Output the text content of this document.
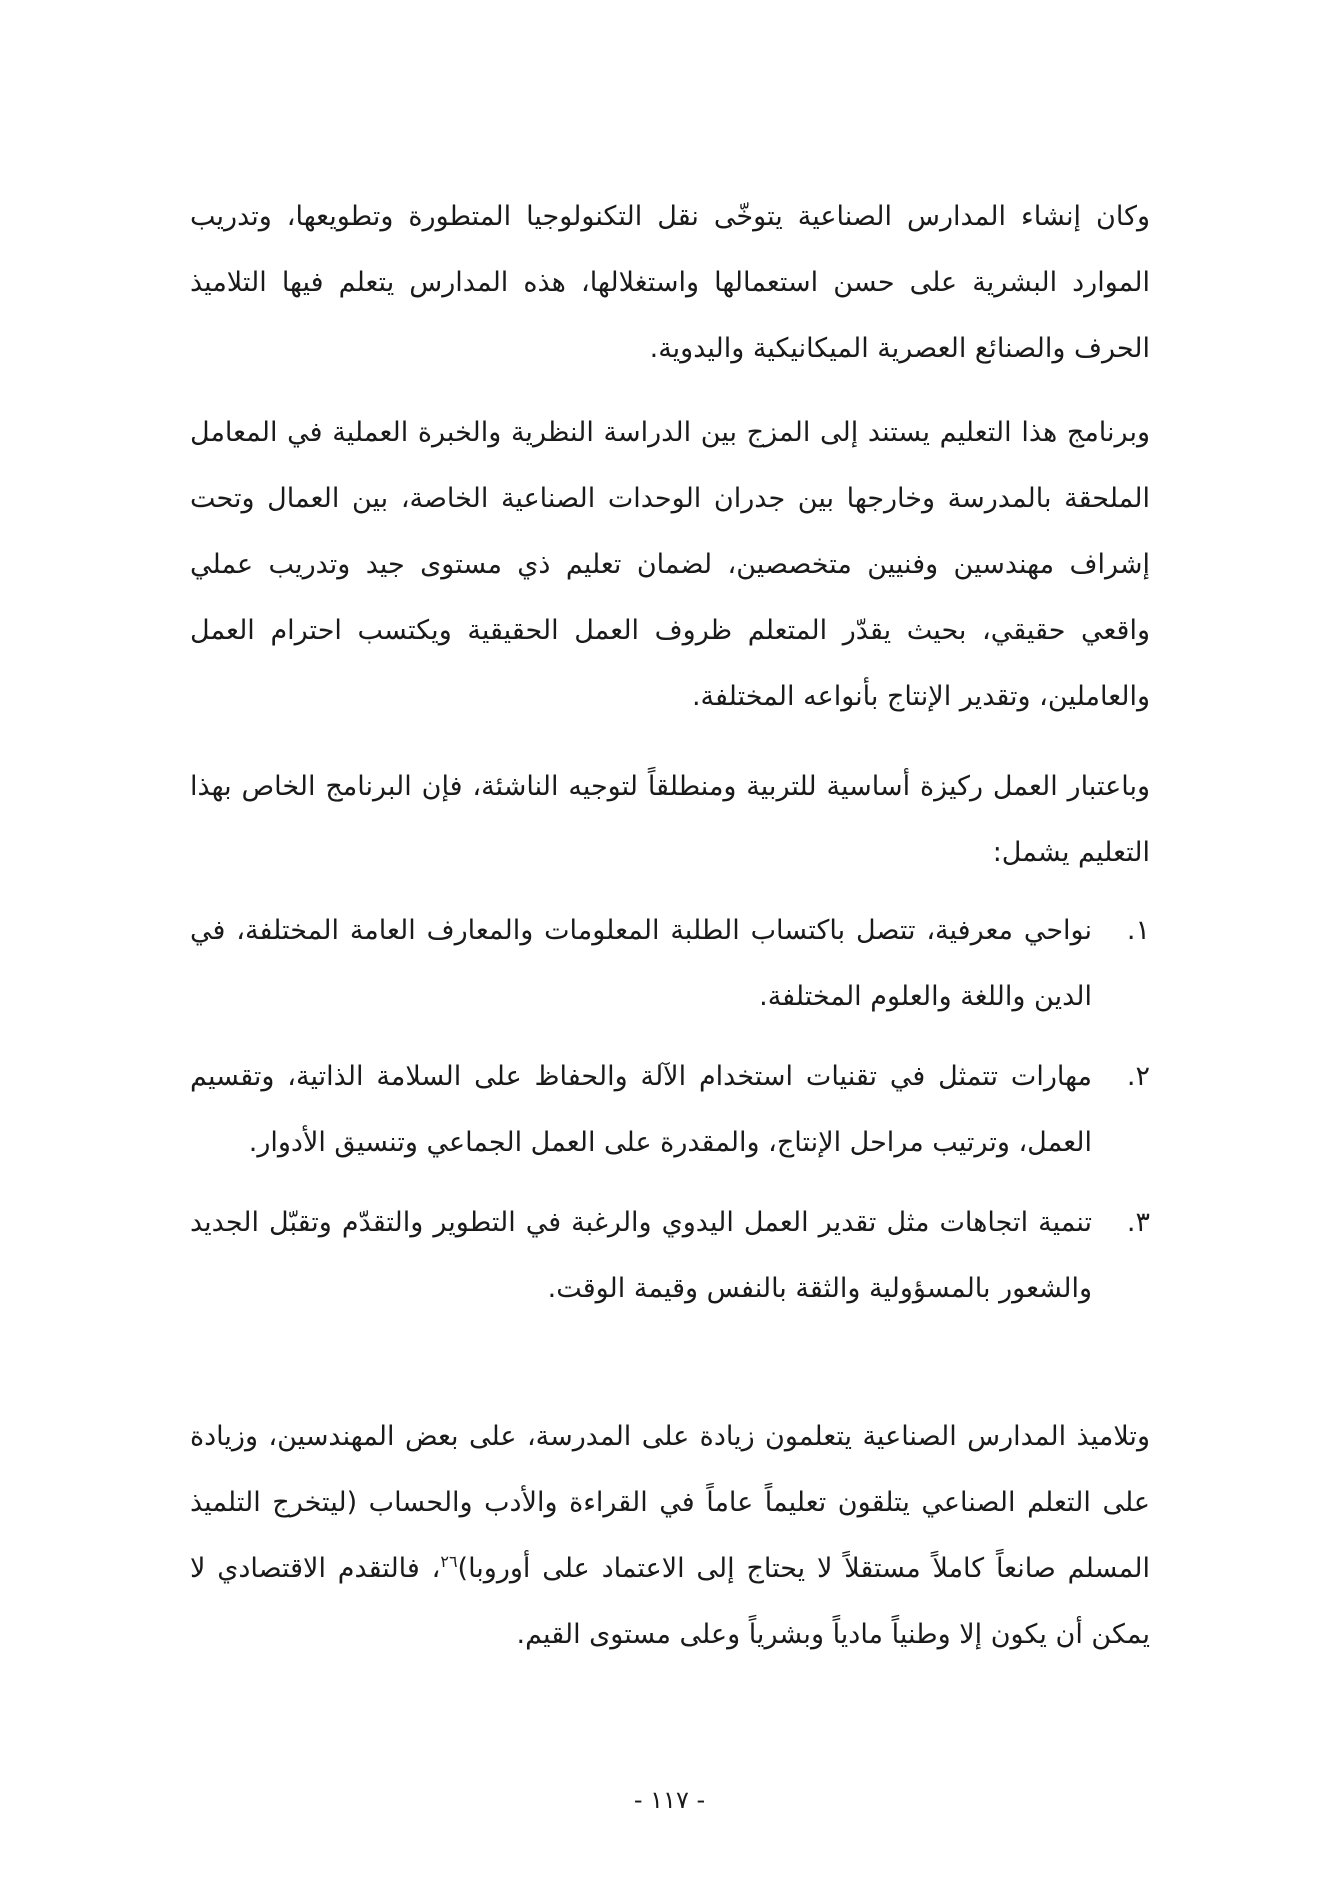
وكان إنشاء المدارس الصناعية يتوخّى نقل التكنولوجيا المتطورة وتطويعها، وتدريب الموارد البشرية على حسن استعمالها واستغلالها، هذه المدارس يتعلم فيها التلاميذ الحرف والصنائع العصرية الميكانيكية واليدوية.

وبرنامج هذا التعليم يستند إلى المزج بين الدراسة النظرية والخبرة العملية في المعامل الملحقة بالمدرسة وخارجها بين جدران الوحدات الصناعية الخاصة، بين العمال وتحت إشراف مهندسين وفنيين متخصصين، لضمان تعليم ذي مستوى جيد وتدريب عملي واقعي حقيقي، بحيث يقدّر المتعلم ظروف العمل الحقيقية ويكتسب احترام العمل والعاملين، وتقدير الإنتاج بأنواعه المختلفة.

وباعتبار العمل ركيزة أساسية للتربية ومنطلقاً لتوجيه الناشئة، فإن البرنامج الخاص بهذا التعليم يشمل:

١.
نواحي معرفية، تتصل باكتساب الطلبة المعلومات والمعارف العامة المختلفة، في الدين واللغة والعلوم المختلفة.
٢.
مهارات تتمثل في تقنيات استخدام الآلة والحفاظ على السلامة الذاتية، وتقسيم العمل، وترتيب مراحل الإنتاج، والمقدرة على العمل الجماعي وتنسيق الأدوار.
٣.
تنمية اتجاهات مثل تقدير العمل اليدوي والرغبة في التطوير والتقدّم وتقبّل الجديد والشعور بالمسؤولية والثقة بالنفس وقيمة الوقت.

وتلاميذ المدارس الصناعية يتعلمون زيادة على المدرسة، على بعض المهندسين، وزيادة على التعلم الصناعي يتلقون تعليماً عاماً في القراءة والأدب والحساب (ليتخرج التلميذ المسلم صانعاً كاملاً مستقلاً لا يحتاج إلى الاعتماد على أوروبا)$^{٢٦}$، فالتقدم الاقتصادي لا يمكن أن يكون إلا وطنياً مادياً وبشرياً وعلى مستوى القيم.

- ١١٧ -
